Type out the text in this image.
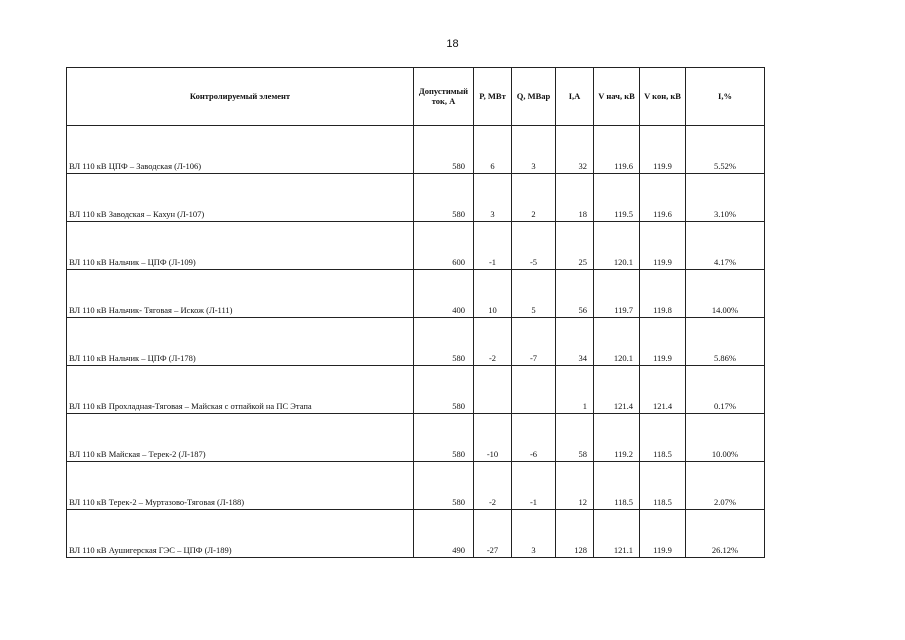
18
Контролируемый элемент	Допустимый ток, А	P, МВт	Q, МВар	I,A	V нач, кВ	V кон, кВ	I,%
ВЛ 110 кВ ЦПФ – Заводская (Л-106)	580	6	3	32	119.6	119.9	5.52%
ВЛ 110 кВ Заводская – Кахун (Л-107)	580	3	2	18	119.5	119.6	3.10%
ВЛ 110 кВ Нальчик – ЦПФ (Л-109)	600	-1	-5	25	120.1	119.9	4.17%
ВЛ 110 кВ Нальчик- Тяговая – Искож (Л-111)	400	10	5	56	119.7	119.8	14.00%
ВЛ 110 кВ Нальчик – ЦПФ (Л-178)	580	-2	-7	34	120.1	119.9	5.86%
ВЛ 110 кВ Прохладная-Тяговая – Майская с отпайкой на ПС Этапа	580			1	121.4	121.4	0.17%
ВЛ 110 кВ Майская – Терек-2 (Л-187)	580	-10	-6	58	119.2	118.5	10.00%
ВЛ 110 кВ Терек-2 – Муртазово-Тяговая (Л-188)	580	-2	-1	12	118.5	118.5	2.07%
ВЛ 110 кВ Аушигерская ГЭС – ЦПФ (Л-189)	490	-27	3	128	121.1	119.9	26.12%
